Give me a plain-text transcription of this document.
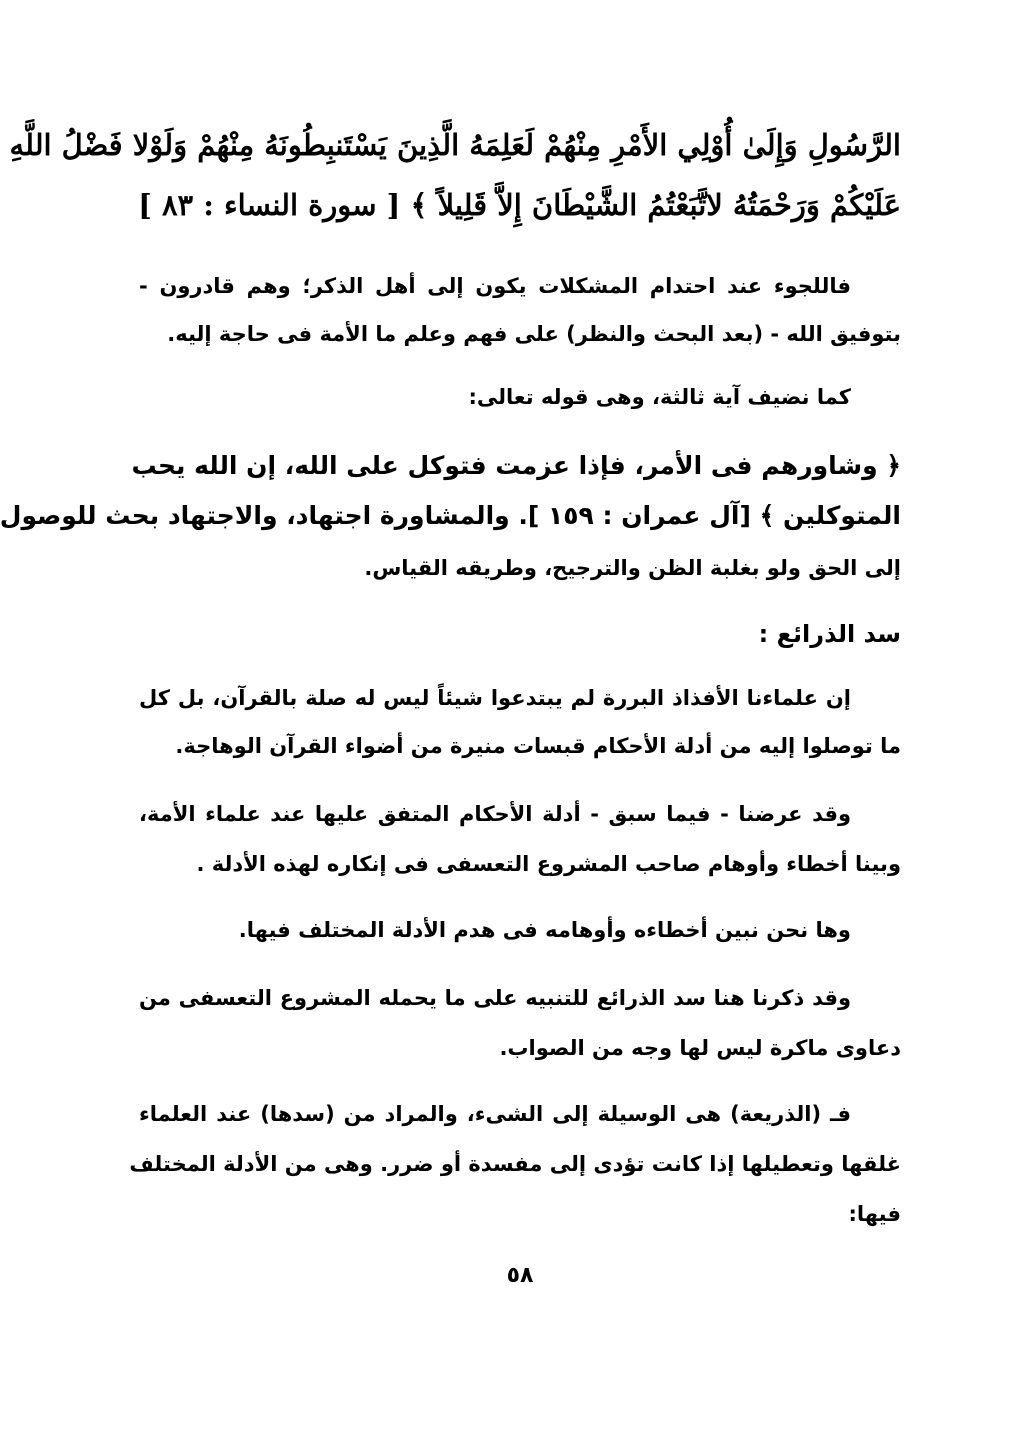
الرَّسُولِ وَإِلَىٰ أُوْلِي الأَمْرِ مِنْهُمْ لَعَلِمَهُ الَّذِينَ يَسْتَنبِطُونَهُ مِنْهُمْ وَلَوْلا فَضْلُ اللَّهِ
عَلَيْكُمْ وَرَحْمَتُهُ لاتَّبَعْتُمُ الشَّيْطَانَ إِلاَّ قَلِيلاً ﴾ [ سورة النساء : ٨٣ ]
فاللجوء عند احتدام المشكلات يكون إلى أهل الذكر؛ وهم قادرون -
بتوفيق الله - (بعد البحث والنظر) على فهم وعلم ما الأمة فى حاجة إليه.
كما نضيف آية ثالثة، وهى قوله تعالى:
﴿ وشاورهم فى الأمر، فإذا عزمت فتوكل على الله، إن الله يحب
المتوكلين ﴾ [آل عمران : ١٥٩ ]. والمشاورة اجتهاد، والاجتهاد بحث للوصول
إلى الحق ولو بغلبة الظن والترجيح، وطريقه القياس.
سد الذرائع :
إن علماءنا الأفذاذ البررة لم يبتدعوا شيئاً ليس له صلة بالقرآن، بل كل
ما توصلوا إليه من أدلة الأحكام قبسات منيرة من أضواء القرآن الوهاجة.
وقد عرضنا - فيما سبق - أدلة الأحكام المتفق عليها عند علماء الأمة،
وبينا أخطاء وأوهام صاحب المشروع التعسفى فى إنكاره لهذه الأدلة .
وها نحن نبين أخطاءه وأوهامه فى هدم الأدلة المختلف فيها.
وقد ذكرنا هنا سد الذرائع للتنبيه على ما يحمله المشروع التعسفى من
دعاوى ماكرة ليس لها وجه من الصواب.
فـ (الذريعة) هى الوسيلة إلى الشىء، والمراد من (سدها) عند العلماء
غلقها وتعطيلها إذا كانت تؤدى إلى مفسدة أو ضرر. وهى من الأدلة المختلف
فيها:
٥٨
